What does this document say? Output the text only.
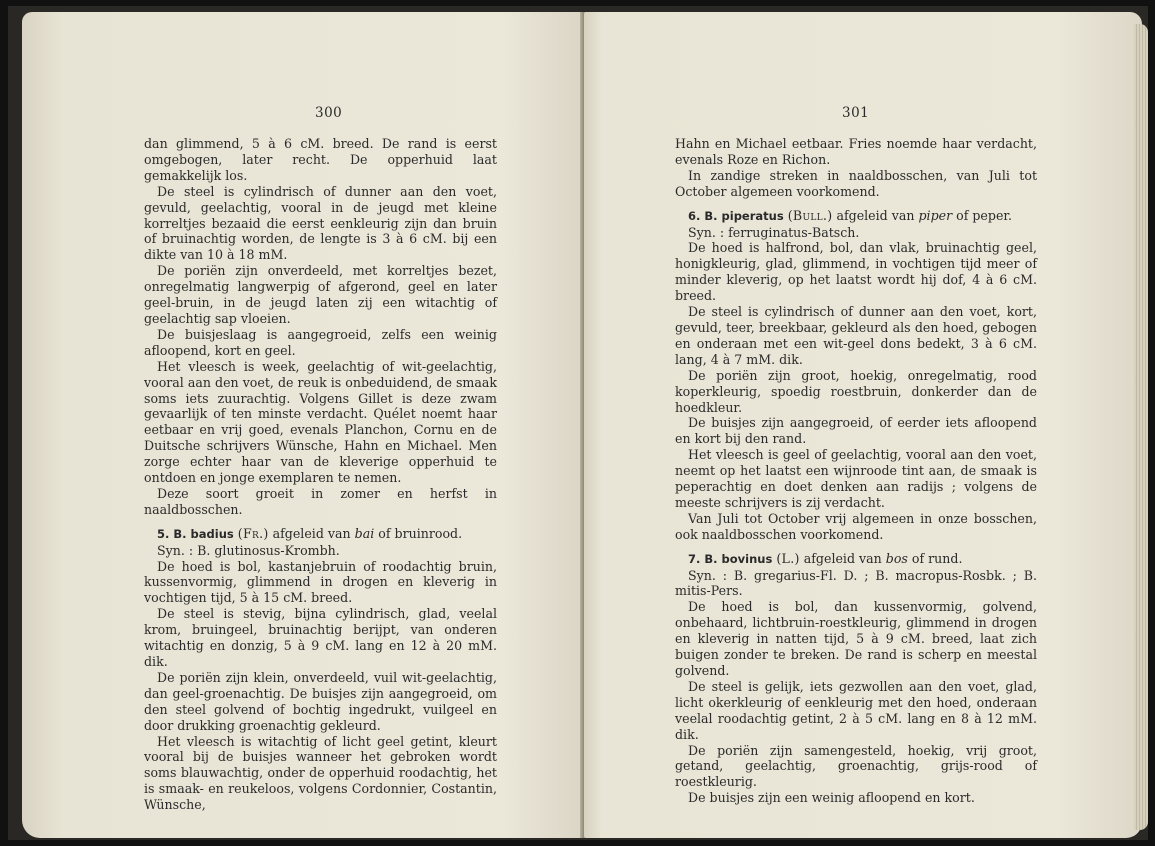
300

dan glimmend, 5 à 6 cM. breed. De rand is eerst omgebogen, later recht. De opperhuid laat gemakkelijk los.

De steel is cylindrisch of dunner aan den voet, gevuld, geelachtig, vooral in de jeugd met kleine korreltjes bezaaid die eerst eenkleurig zijn dan bruin of bruinachtig worden, de lengte is 3 à 6 cM. bij een dikte van 10 à 18 mM.

De poriën zijn onverdeeld, met korreltjes bezet, onregelmatig langwerpig of afgerond, geel en later geel-bruin, in de jeugd laten zij een witachtig of geelachtig sap vloeien.

De buisjeslaag is aangegroeid, zelfs een weinig afloopend, kort en geel.

Het vleesch is week, geelachtig of wit-geelachtig, vooral aan den voet, de reuk is onbeduidend, de smaak soms iets zuurachtig. Volgens Gillet is deze zwam gevaarlijk of ten minste verdacht. Quélet noemt haar eetbaar en vrij goed, evenals Planchon, Cornu en de Duitsche schrijvers Wünsche, Hahn en Michael. Men zorge echter haar van de kleverige opperhuid te ontdoen en jonge exemplaren te nemen.

Deze soort groeit in zomer en herfst in naaldbosschen.

5. B. badius (Fr.) afgeleid van bai of bruinrood.

Syn. : B. glutinosus-Krombh.

De hoed is bol, kastanjebruin of roodachtig bruin, kussenvormig, glimmend in drogen en kleverig in vochtigen tijd, 5 à 15 cM. breed.

De steel is stevig, bijna cylindrisch, glad, veelal krom, bruingeel, bruinachtig berijpt, van onderen witachtig en donzig, 5 à 9 cM. lang en 12 à 20 mM. dik.

De poriën zijn klein, onverdeeld, vuil wit-geelachtig, dan geel-groenachtig. De buisjes zijn aangegroeid, om den steel golvend of bochtig ingedrukt, vuilgeel en door drukking groenachtig gekleurd.

Het vleesch is witachtig of licht geel getint, kleurt vooral bij de buisjes wanneer het gebroken wordt soms blauwachtig, onder de opperhuid roodachtig, het is smaak- en reukeloos, volgens Cordonnier, Costantin, Wünsche,

301

Hahn en Michael eetbaar. Fries noemde haar verdacht, evenals Roze en Richon.

In zandige streken in naaldbosschen, van Juli tot October algemeen voorkomend.

6. B. piperatus (Bull.) afgeleid van piper of peper.

Syn. : ferruginatus-Batsch.

De hoed is halfrond, bol, dan vlak, bruinachtig geel, honigkleurig, glad, glimmend, in vochtigen tijd meer of minder kleverig, op het laatst wordt hij dof, 4 à 6 cM. breed.

De steel is cylindrisch of dunner aan den voet, kort, gevuld, teer, breekbaar, gekleurd als den hoed, gebogen en onderaan met een wit-geel dons bedekt, 3 à 6 cM. lang, 4 à 7 mM. dik.

De poriën zijn groot, hoekig, onregelmatig, rood koperkleurig, spoedig roestbruin, donkerder dan de hoedkleur.

De buisjes zijn aangegroeid, of eerder iets afloopend en kort bij den rand.

Het vleesch is geel of geelachtig, vooral aan den voet, neemt op het laatst een wijnroode tint aan, de smaak is peperachtig en doet denken aan radijs ; volgens de meeste schrijvers is zij verdacht.

Van Juli tot October vrij algemeen in onze bosschen, ook naaldbosschen voorkomend.

7. B. bovinus (L.) afgeleid van bos of rund.

Syn. : B. gregarius-Fl. D. ; B. macropus-Rosbk. ; B. mitis-Pers.

De hoed is bol, dan kussenvormig, golvend, onbehaard, lichtbruin-roestkleurig, glimmend in drogen en kleverig in natten tijd, 5 à 9 cM. breed, laat zich buigen zonder te breken. De rand is scherp en meestal golvend.

De steel is gelijk, iets gezwollen aan den voet, glad, licht okerkleurig of eenkleurig met den hoed, onderaan veelal roodachtig getint, 2 à 5 cM. lang en 8 à 12 mM. dik.

De poriën zijn samengesteld, hoekig, vrij groot, getand, geelachtig, groenachtig, grijs-rood of roestkleurig.

De buisjes zijn een weinig afloopend en kort.
